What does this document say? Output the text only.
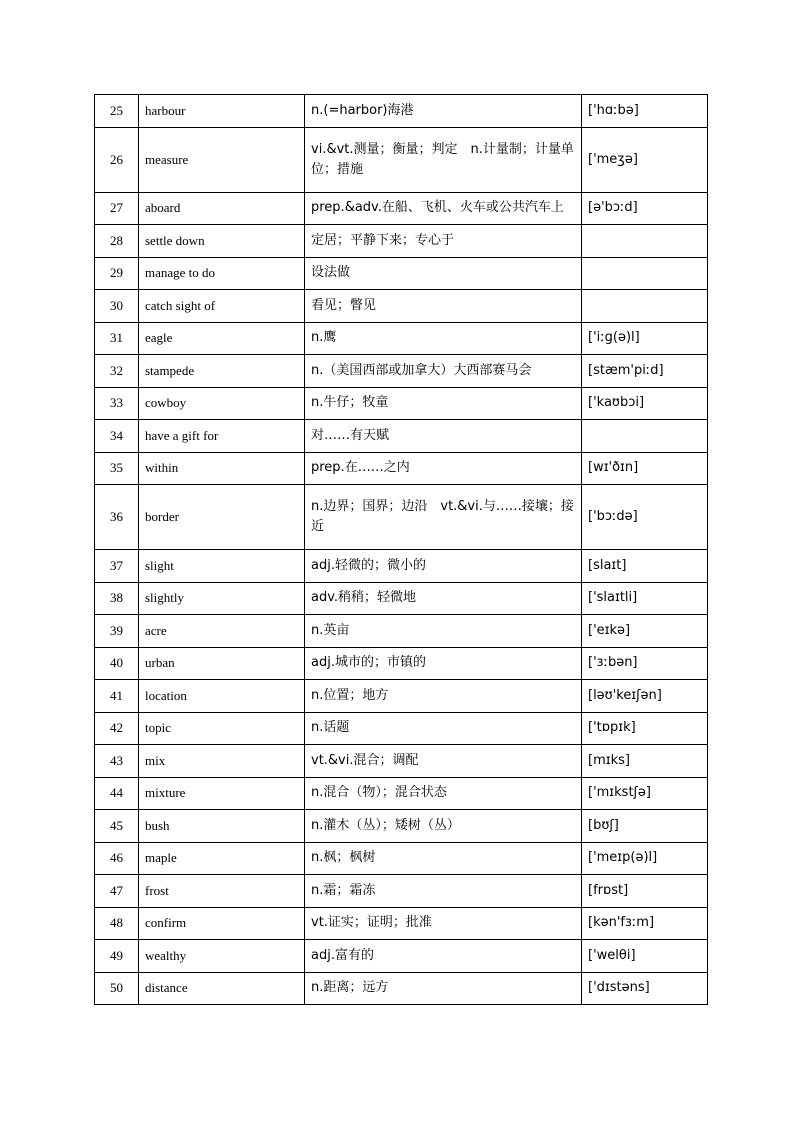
25	harbour	n.(=harbor)海港	['hɑːbə]
26	measure	vi.&vt.测量；衡量；判定　n.计量制；计量单位；措施	['meʒə]
27	aboard	prep.&adv.在船、飞机、火车或公共汽车上	[ə'bɔːd]
28	settle down	定居；平静下来；专心于	
29	manage to do	设法做	
30	catch sight of	看见；瞥见	
31	eagle	n.鹰	['iːg(ə)l]
32	stampede	n.（美国西部或加拿大）大西部赛马会	[stæm'piːd]
33	cowboy	n.牛仔；牧童	['kaʊbɔi]
34	have a gift for	对……有天赋	
35	within	prep.在……之内	[wɪ'ðɪn]
36	border	n.边界；国界；边沿　vt.&vi.与……接壤；接近	['bɔːdə]
37	slight	adj.轻微的；微小的	[slaɪt]
38	slightly	adv.稍稍；轻微地	['slaɪtli]
39	acre	n.英亩	['eɪkə]
40	urban	adj.城市的；市镇的	['ɜːbən]
41	location	n.位置；地方	[ləʊ'keɪʃən]
42	topic	n.话题	['tɒpɪk]
43	mix	vt.&vi.混合；调配	[mɪks]
44	mixture	n.混合（物）；混合状态	['mɪkstʃə]
45	bush	n.灌木（丛）；矮树（丛）	[bʊʃ]
46	maple	n.枫；枫树	['meɪp(ə)l]
47	frost	n.霜；霜冻	[frɒst]
48	confirm	vt.证实；证明；批准	[kən'fɜːm]
49	wealthy	adj.富有的	['welθi]
50	distance	n.距离；远方	['dɪstəns]
